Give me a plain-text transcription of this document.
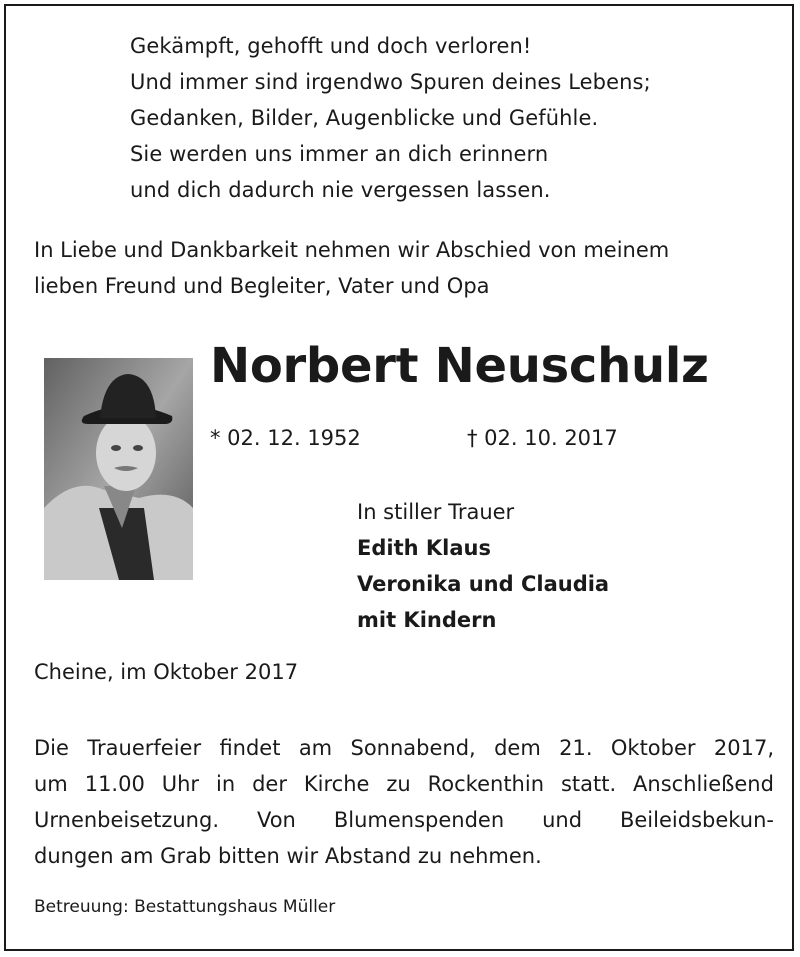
Gekämpft, gehofft und doch verloren!
Und immer sind irgendwo Spuren deines Lebens;
Gedanken, Bilder, Augenblicke und Gefühle.
Sie werden uns immer an dich erinnern
und dich dadurch nie vergessen lassen.
In Liebe und Dankbarkeit nehmen wir Abschied von meinem
lieben Freund und Begleiter, Vater und Opa
Norbert Neuschulz
* 02. 12. 1952	† 02. 10. 2017
In stiller Trauer
Edith Klaus
Veronika und Claudia
mit Kindern
Cheine, im Oktober 2017
Die Trauerfeier findet am Sonnabend, dem 21. Oktober 2017,
um 11.00 Uhr in der Kirche zu Rockenthin statt. Anschließend
Urnenbeisetzung. Von Blumenspenden und Beileidsbekun-
dungen am Grab bitten wir Abstand zu nehmen.
Betreuung: Bestattungshaus Müller
